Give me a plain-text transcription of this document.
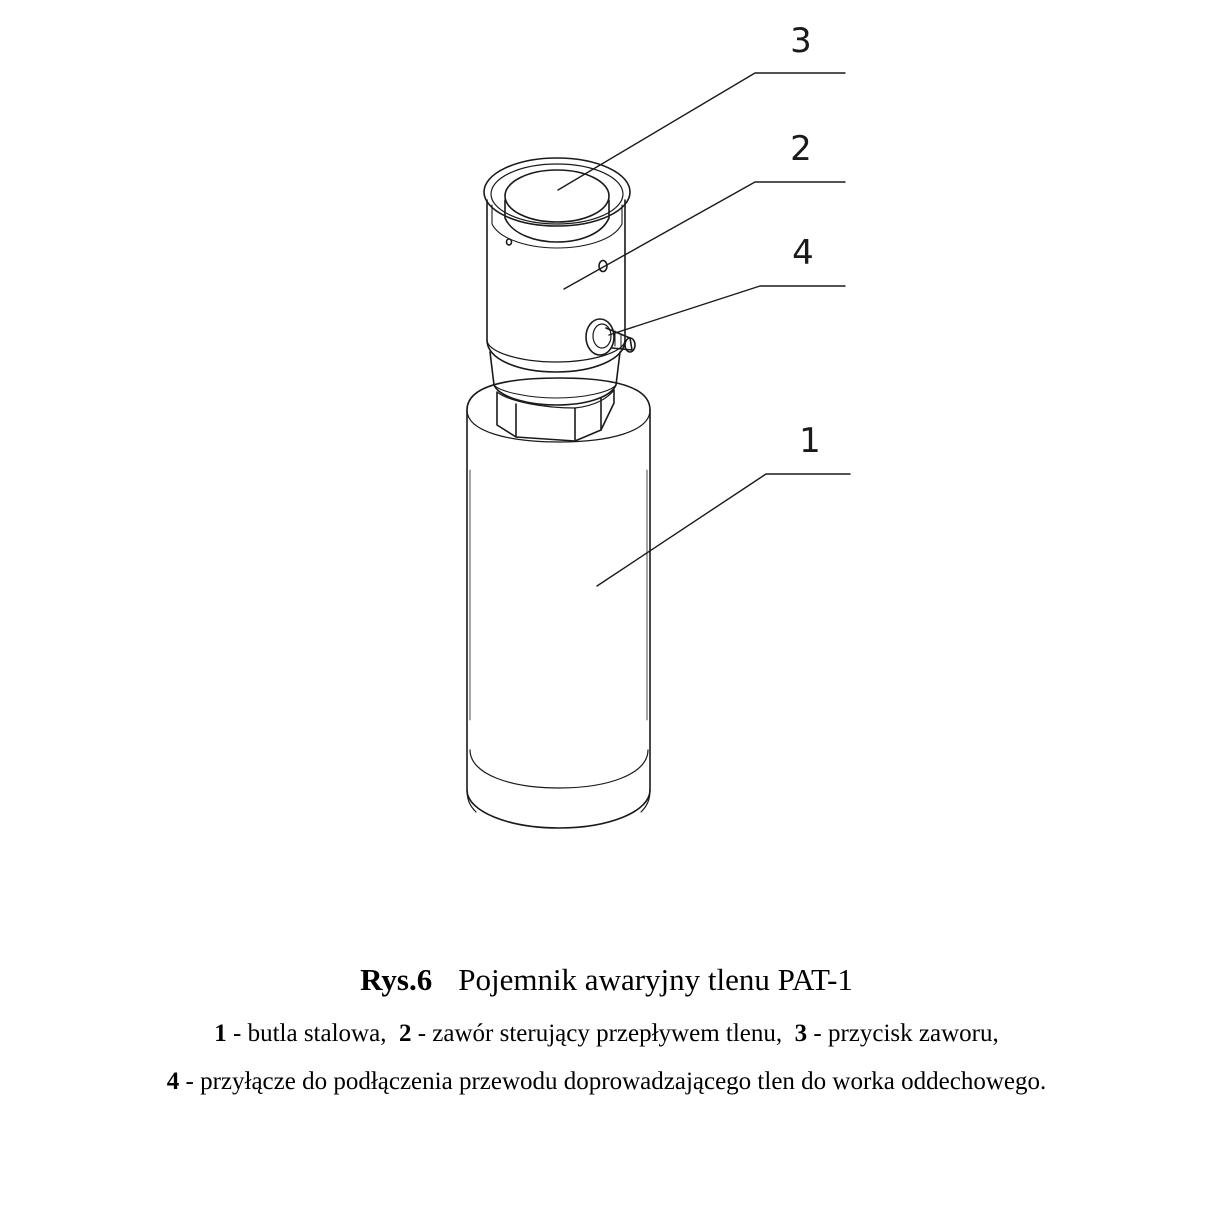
3
2
4
1
Rys.6 Pojemnik awaryjny tlenu PAT-1
1 - butla stalowa,  2 - zawór sterujący przepływem tlenu,  3 - przycisk zaworu,
4 - przyłącze do podłączenia przewodu doprowadzającego tlen do worka oddechowego.
